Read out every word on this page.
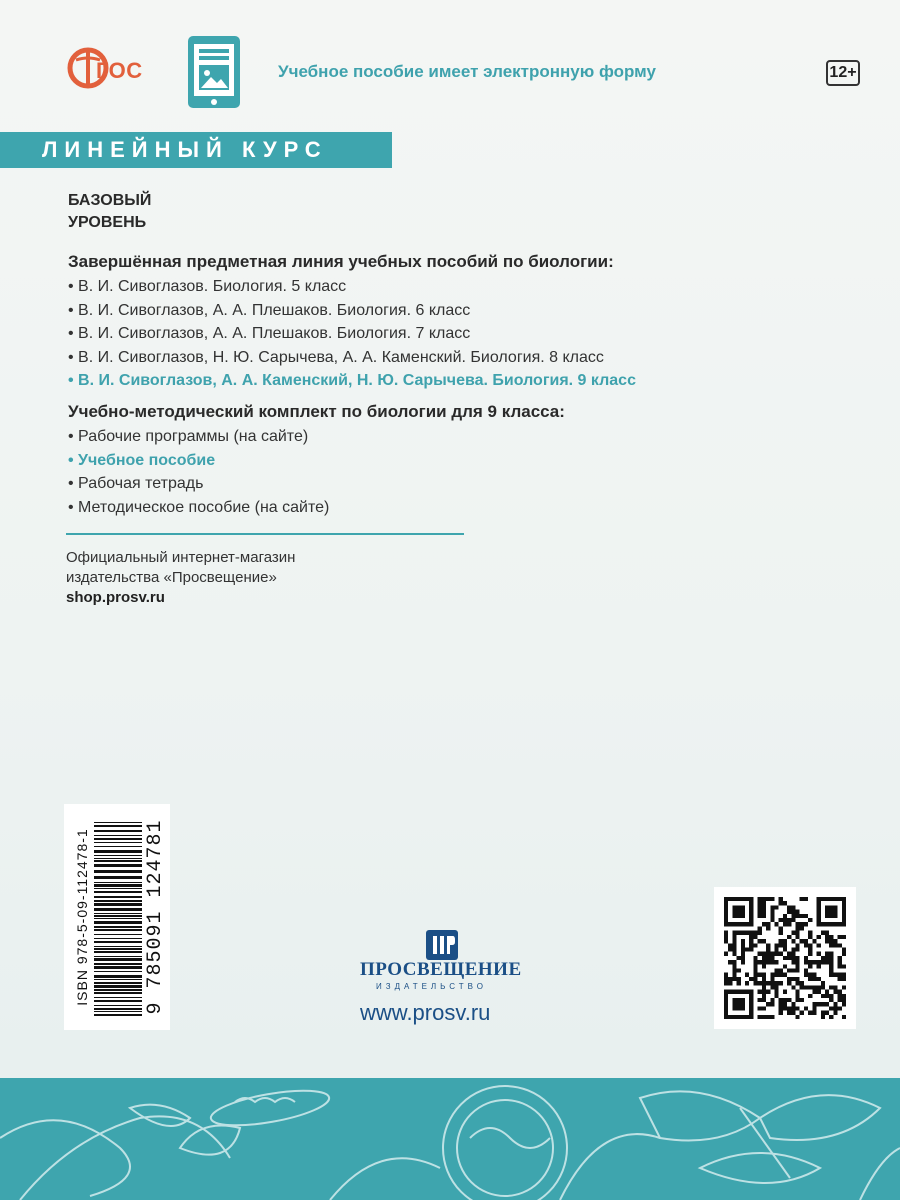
ГОС	Учебное пособие имеет электронную форму	12+
ЛИНЕЙНЫЙ КУРС
БАЗОВЫЙ
УРОВЕНЬ
Завершённая предметная линия учебных пособий по биологии:
• В. И. Сивоглазов. Биология. 5 класс
• В. И. Сивоглазов, А. А. Плешаков. Биология. 6 класс
• В. И. Сивоглазов, А. А. Плешаков. Биология. 7 класс
• В. И. Сивоглазов, Н. Ю. Сарычева, А. А. Каменский. Биология. 8 класс
• В. И. Сивоглазов, А. А. Каменский, Н. Ю. Сарычева. Биология. 9 класс
Учебно-методический комплект по биологии для 9 класса:
• Рабочие программы (на сайте)
• Учебное пособие
• Рабочая тетрадь
• Методическое пособие (на сайте)
Официальный интернет-магазин
издательства «Просвещение»
shop.prosv.ru
ISBN 978-5-09-112478-1	9 785091 124781	ПРОСВЕЩЕНИЕ
ИЗДАТЕЛЬСТВО
www.prosv.ru
